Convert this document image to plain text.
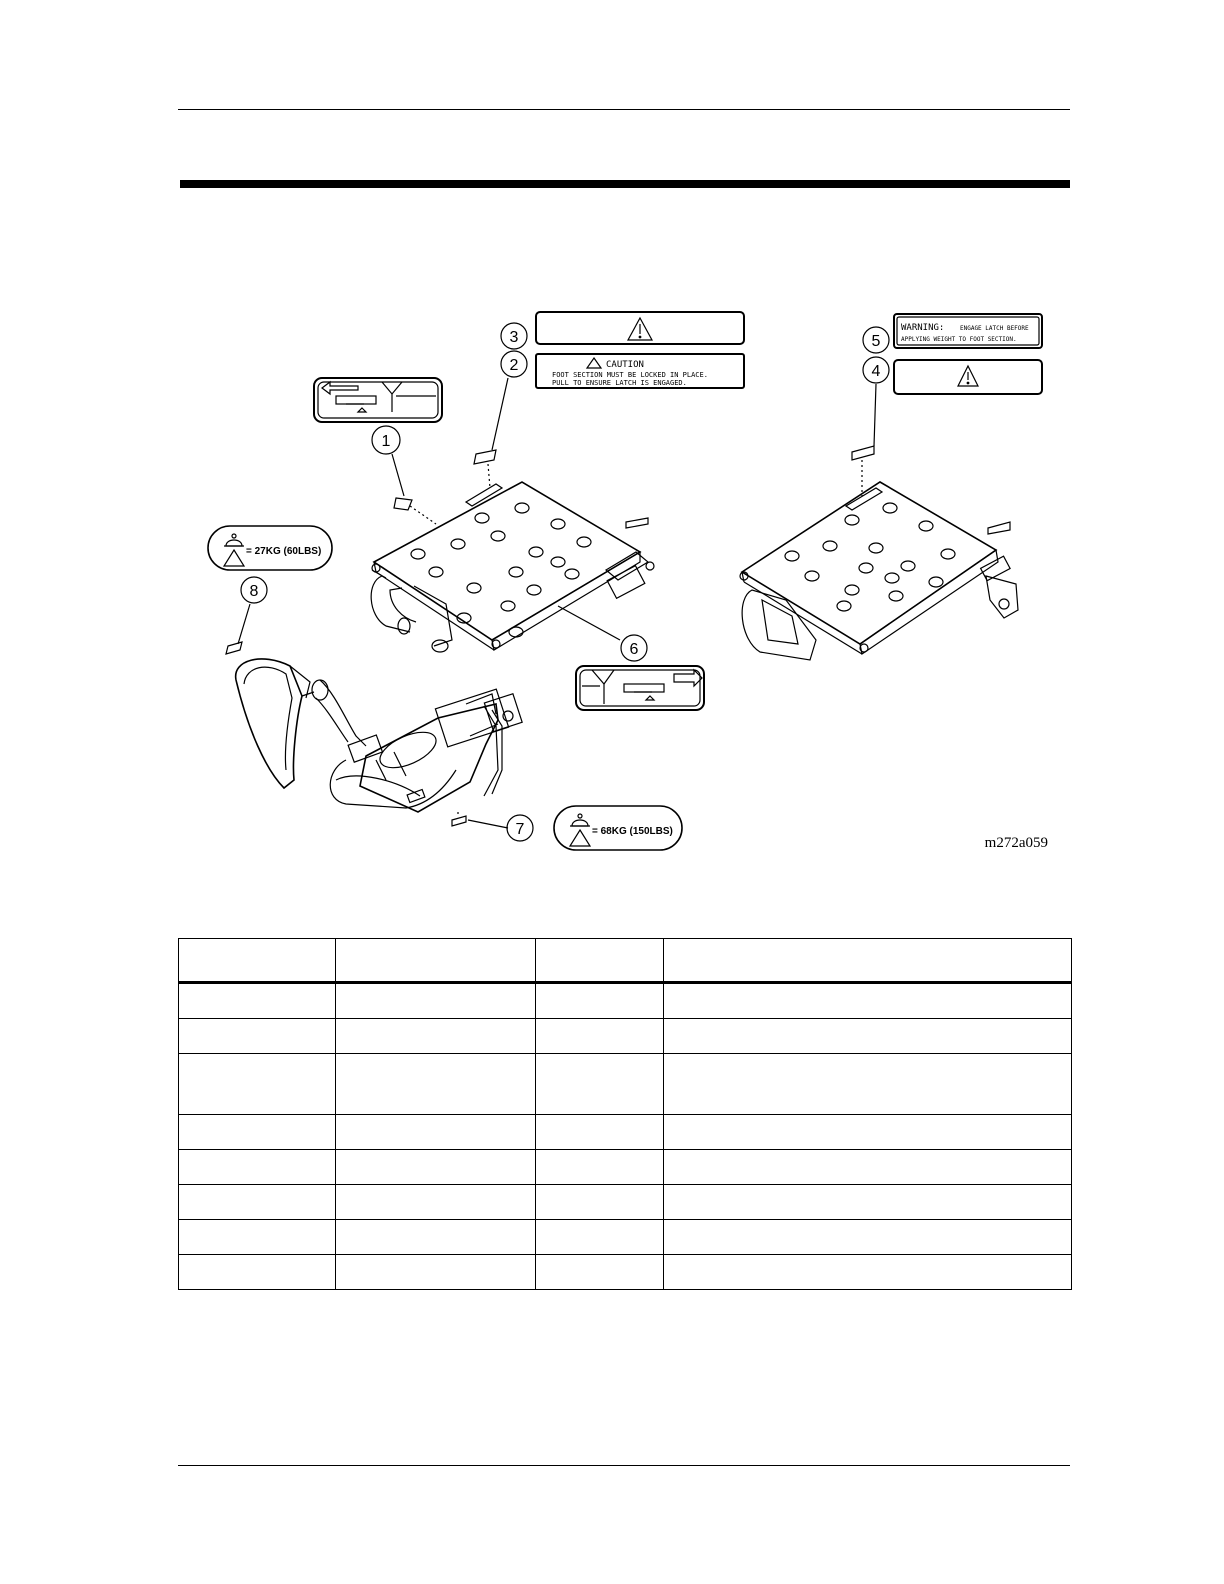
1
2
3
4
5
6
7
8
CAUTION
FOOT SECTION MUST BE LOCKED IN PLACE.
PULL TO ENSURE LATCH IS ENGAGED.
WARNING:	ENGAGE LATCH BEFORE
APPLYING WEIGHT TO FOOT SECTION.
= 27KG (60LBS)
= 68KG (150LBS)
m272a059
